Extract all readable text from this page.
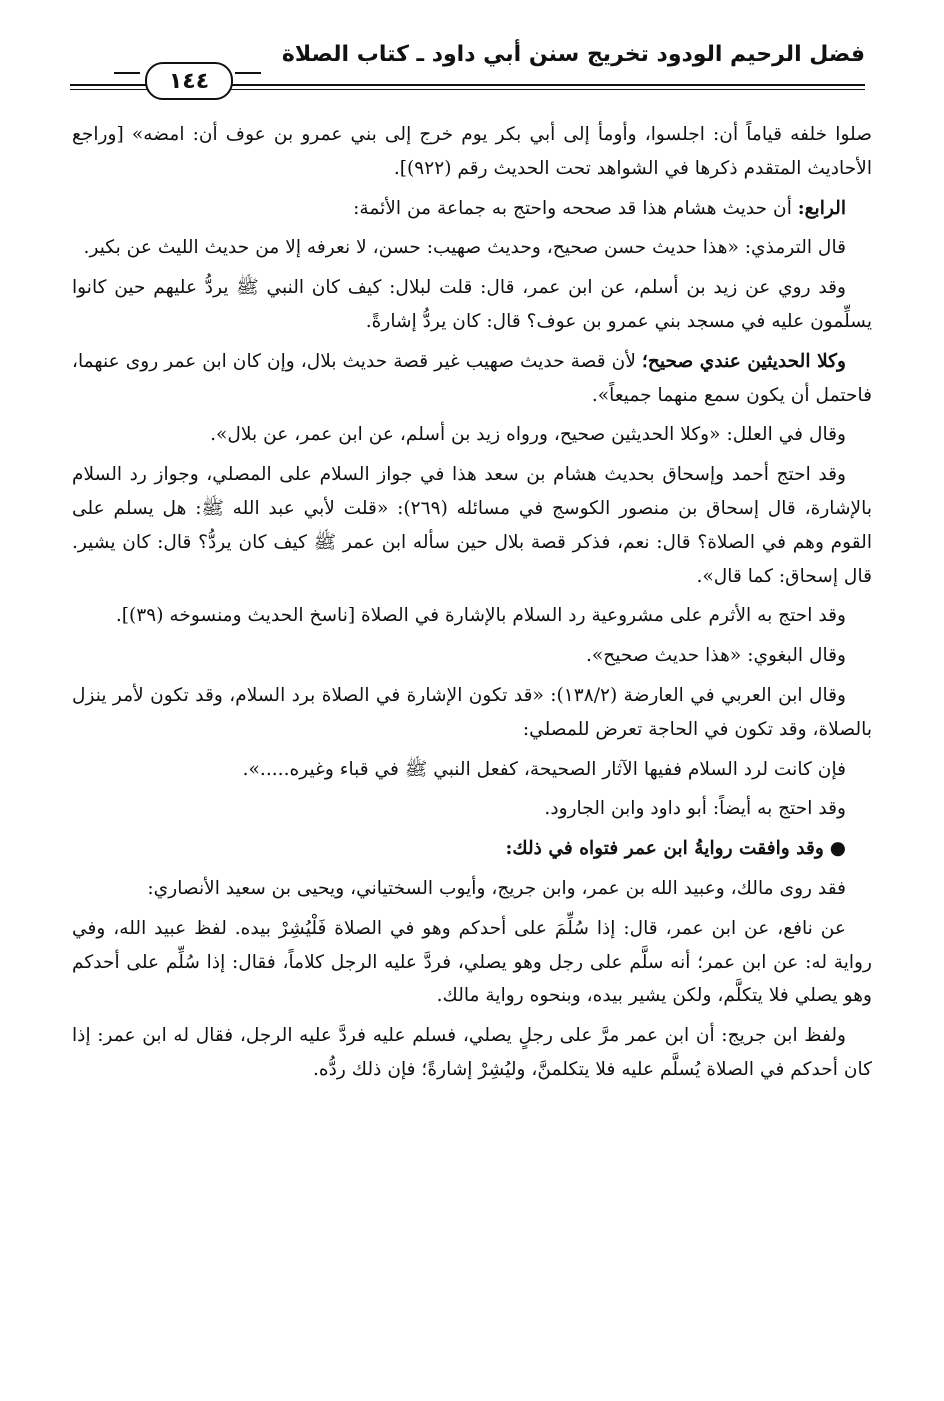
فضل الرحيم الودود تخريج سنن أبي داود ـ كتاب الصلاة
١٤٤

صلوا خلفه قياماً أن: اجلسوا، وأومأ إلى أبي بكر يوم خرج إلى بني عمرو بن عوف أن: امضه» [وراجع الأحاديث المتقدم ذكرها في الشواهد تحت الحديث رقم (٩٢٢)].

الرابع: أن حديث هشام هذا قد صححه واحتج به جماعة من الأئمة:

قال الترمذي: «هذا حديث حسن صحيح، وحديث صهيب: حسن، لا نعرفه إلا من حديث الليث عن بكير.

وقد روي عن زيد بن أسلم، عن ابن عمر، قال: قلت لبلال: كيف كان النبي ﷺ يردُّ عليهم حين كانوا يسلِّمون عليه في مسجد بني عمرو بن عوف؟ قال: كان يردُّ إشارةً.

وكلا الحديثين عندي صحيح؛ لأن قصة حديث صهيب غير قصة حديث بلال، وإن كان ابن عمر روى عنهما، فاحتمل أن يكون سمع منهما جميعاً».

وقال في العلل: «وكلا الحديثين صحيح، ورواه زيد بن أسلم، عن ابن عمر، عن بلال».

وقد احتج أحمد وإسحاق بحديث هشام بن سعد هذا في جواز السلام على المصلي، وجواز رد السلام بالإشارة، قال إسحاق بن منصور الكوسج في مسائله (٢٦٩): «قلت لأبي عبد الله ﷺ: هل يسلم على القوم وهم في الصلاة؟ قال: نعم، فذكر قصة بلال حين سأله ابن عمر ﷺ كيف كان يردُّ؟ قال: كان يشير. قال إسحاق: كما قال».

وقد احتج به الأثرم على مشروعية رد السلام بالإشارة في الصلاة [ناسخ الحديث ومنسوخه (٣٩)].

وقال البغوي: «هذا حديث صحيح».

وقال ابن العربي في العارضة (١٣٨/٢): «قد تكون الإشارة في الصلاة برد السلام، وقد تكون لأمر ينزل بالصلاة، وقد تكون في الحاجة تعرض للمصلي:

فإن كانت لرد السلام ففيها الآثار الصحيحة، كفعل النبي ﷺ في قباء وغيره.....».

وقد احتج به أيضاً: أبو داود وابن الجارود.

● وقد وافقت روايةُ ابن عمر فتواه في ذلك:

فقد روى مالك، وعبيد الله بن عمر، وابن جريج، وأيوب السختياني، ويحيى بن سعيد الأنصاري:

عن نافع، عن ابن عمر، قال: إذا سُلِّمَ على أحدكم وهو في الصلاة فَلْيُشِرْ بيده. لفظ عبيد الله، وفي رواية له: عن ابن عمر؛ أنه سلَّم على رجل وهو يصلي، فردَّ عليه الرجل كلاماً، فقال: إذا سُلِّم على أحدكم وهو يصلي فلا يتكلَّم، ولكن يشير بيده، وبنحوه رواية مالك.

ولفظ ابن جريج: أن ابن عمر مرَّ على رجلٍ يصلي، فسلم عليه فردَّ عليه الرجل، فقال له ابن عمر: إذا كان أحدكم في الصلاة يُسلَّم عليه فلا يتكلمنَّ، وليُشِرْ إشارةً؛ فإن ذلك ردُّه.
